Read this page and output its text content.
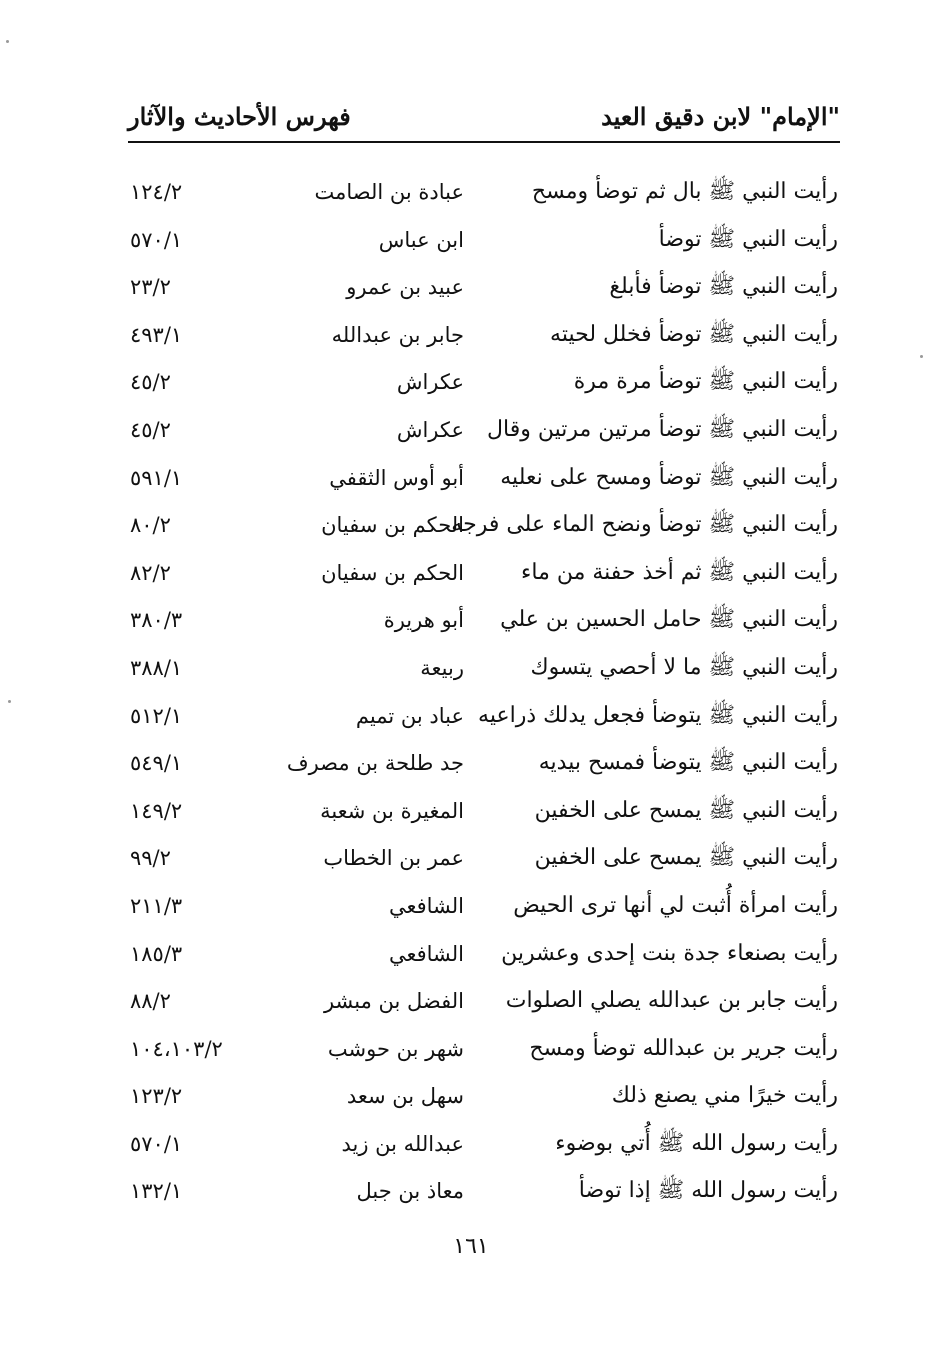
"الإمام" لابن دقيق العيد
فهرس الأحاديث والآثار
رأيت النبي ﷺ بال ثم توضأ ومسح
عبادة بن الصامت
١٢٤/٢
رأيت النبي ﷺ توضأ
ابن عباس
٥٧٠/١
رأيت النبي ﷺ توضأ فأبلغ
عبيد بن عمرو
٢٣/٢
رأيت النبي ﷺ توضأ فخلل لحيته
جابر بن عبدالله
٤٩٣/١
رأيت النبي ﷺ توضأ مرة مرة
عكراش
٤٥/٢
رأيت النبي ﷺ توضأ مرتين مرتين وقال
عكراش
٤٥/٢
رأيت النبي ﷺ توضأ ومسح على نعليه
أبو أوس الثقفي
٥٩١/١
رأيت النبي ﷺ توضأ ونضح الماء على فرجه
الحكم بن سفيان
٨٠/٢
رأيت النبي ﷺ ثم أخذ حفنة من ماء
الحكم بن سفيان
٨٢/٢
رأيت النبي ﷺ حامل الحسين بن علي
أبو هريرة
٣٨٠/٣
رأيت النبي ﷺ ما لا أحصي يتسوك
ربيعة
٣٨٨/١
رأيت النبي ﷺ يتوضأ فجعل يدلك ذراعيه
عباد بن تميم
٥١٢/١
رأيت النبي ﷺ يتوضأ فمسح بيديه
جد طلحة بن مصرف
٥٤٩/١
رأيت النبي ﷺ يمسح على الخفين
المغيرة بن شعبة
١٤٩/٢
رأيت النبي ﷺ يمسح على الخفين
عمر بن الخطاب
٩٩/٢
رأيت امرأة أُثبت لي أنها ترى الحيض
الشافعي
٢١١/٣
رأيت بصنعاء جدة بنت إحدى وعشرين
الشافعي
١٨٥/٣
رأيت جابر بن عبدالله يصلي الصلوات
الفضل بن مبشر
٨٨/٢
رأيت جرير بن عبدالله توضأ ومسح
شهر بن حوشب
١٠٤،١٠٣/٢
رأيت خيرًا مني يصنع ذلك
سهل بن سعد
١٢٣/٢
رأيت رسول الله ﷺ أُتي بوضوء
عبدالله بن زيد
٥٧٠/١
رأيت رسول الله ﷺ إذا توضأ
معاذ بن جبل
١٣٢/١
١٦١
